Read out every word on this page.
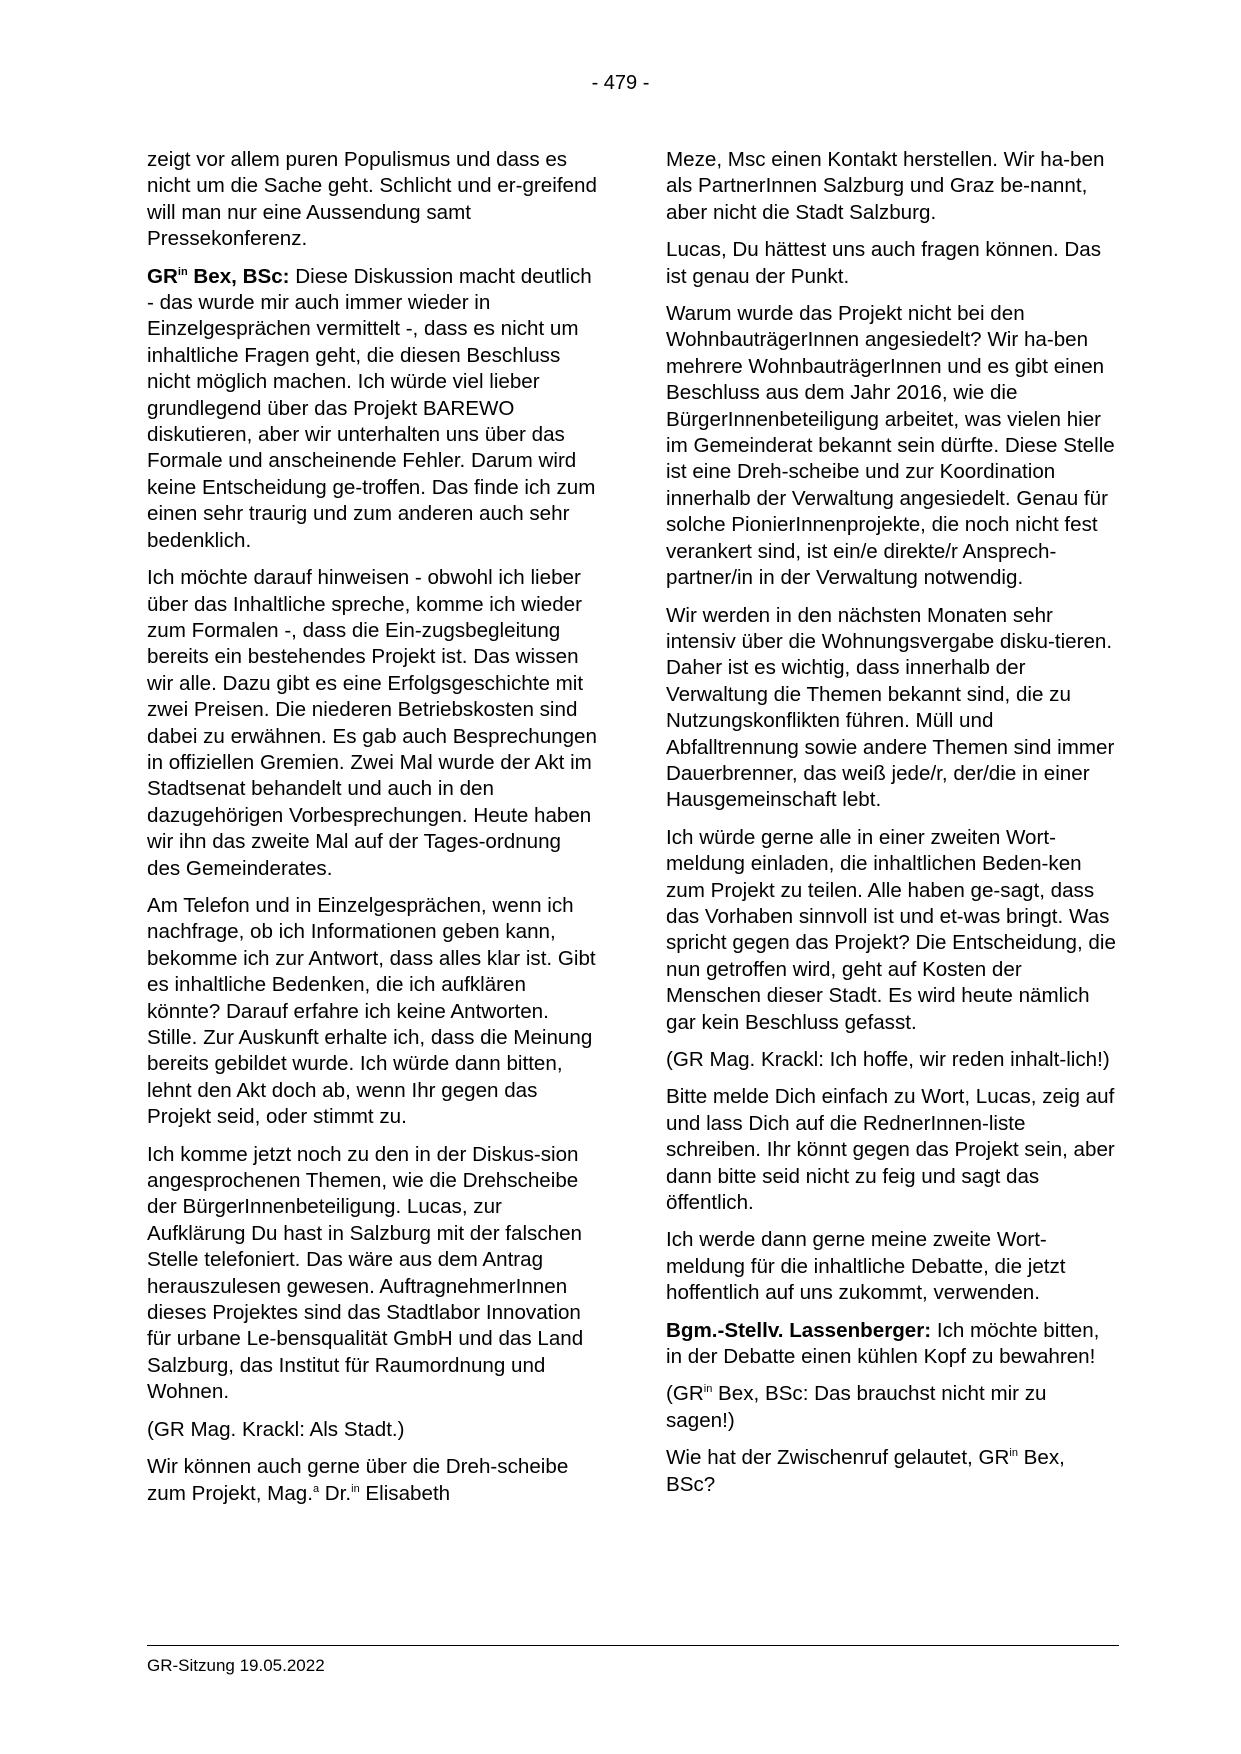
- 479 -

zeigt vor allem puren Populismus und dass es nicht um die Sache geht. Schlicht und er-greifend will man nur eine Aussendung samt Pressekonferenz.

$GR^{in}$ Bex, BSc: Diese Diskussion macht deutlich - das wurde mir auch immer wieder in Einzelgesprächen vermittelt -, dass es nicht um inhaltliche Fragen geht, die diesen Beschluss nicht möglich machen. Ich würde viel lieber grundlegend über das Projekt BAREWO diskutieren, aber wir unterhalten uns über das Formale und anscheinende Fehler. Darum wird keine Entscheidung ge-troffen. Das finde ich zum einen sehr traurig und zum anderen auch sehr bedenklich.

Ich möchte darauf hinweisen - obwohl ich lieber über das Inhaltliche spreche, komme ich wieder zum Formalen -, dass die Ein-zugsbegleitung bereits ein bestehendes Projekt ist. Das wissen wir alle. Dazu gibt es eine Erfolgsgeschichte mit zwei Preisen. Die niederen Betriebskosten sind dabei zu erwähnen. Es gab auch Besprechungen in offiziellen Gremien. Zwei Mal wurde der Akt im Stadtsenat behandelt und auch in den dazugehörigen Vorbesprechungen. Heute haben wir ihn das zweite Mal auf der Tages-ordnung des Gemeinderates.

Am Telefon und in Einzelgesprächen, wenn ich nachfrage, ob ich Informationen geben kann, bekomme ich zur Antwort, dass alles klar ist. Gibt es inhaltliche Bedenken, die ich aufklären könnte? Darauf erfahre ich keine Antworten. Stille. Zur Auskunft erhalte ich, dass die Meinung bereits gebildet wurde. Ich würde dann bitten, lehnt den Akt doch ab, wenn Ihr gegen das Projekt seid, oder stimmt zu.

Ich komme jetzt noch zu den in der Diskus-sion angesprochenen Themen, wie die Drehscheibe der BürgerInnenbeteiligung. Lucas, zur Aufklärung Du hast in Salzburg mit der falschen Stelle telefoniert. Das wäre aus dem Antrag herauszulesen gewesen. AuftragnehmerInnen dieses Projektes sind das Stadtlabor Innovation für urbane Le-bensqualität GmbH und das Land Salzburg, das Institut für Raumordnung und Wohnen.

(GR Mag. Krackl: Als Stadt.)

Wir können auch gerne über die Dreh-scheibe zum Projekt, Mag.$^a$ Dr.$^{in}$ Elisabeth

Meze, Msc einen Kontakt herstellen. Wir ha-ben als PartnerInnen Salzburg und Graz be-nannt, aber nicht die Stadt Salzburg.

Lucas, Du hättest uns auch fragen können. Das ist genau der Punkt.

Warum wurde das Projekt nicht bei den WohnbauträgerInnen angesiedelt? Wir ha-ben mehrere WohnbauträgerInnen und es gibt einen Beschluss aus dem Jahr 2016, wie die BürgerInnenbeteiligung arbeitet, was vielen hier im Gemeinderat bekannt sein dürfte. Diese Stelle ist eine Dreh-scheibe und zur Koordination innerhalb der Verwaltung angesiedelt. Genau für solche PionierInnenprojekte, die noch nicht fest verankert sind, ist ein/e direkte/r Ansprech-partner/in in der Verwaltung notwendig.

Wir werden in den nächsten Monaten sehr intensiv über die Wohnungsvergabe disku-tieren. Daher ist es wichtig, dass innerhalb der Verwaltung die Themen bekannt sind, die zu Nutzungskonflikten führen. Müll und Abfalltrennung sowie andere Themen sind immer Dauerbrenner, das weiß jede/r, der/die in einer Hausgemeinschaft lebt.

Ich würde gerne alle in einer zweiten Wort-meldung einladen, die inhaltlichen Beden-ken zum Projekt zu teilen. Alle haben ge-sagt, dass das Vorhaben sinnvoll ist und et-was bringt. Was spricht gegen das Projekt? Die Entscheidung, die nun getroffen wird, geht auf Kosten der Menschen dieser Stadt. Es wird heute nämlich gar kein Beschluss gefasst.

(GR Mag. Krackl: Ich hoffe, wir reden inhalt-lich!)

Bitte melde Dich einfach zu Wort, Lucas, zeig auf und lass Dich auf die RednerInnen-liste schreiben. Ihr könnt gegen das Projekt sein, aber dann bitte seid nicht zu feig und sagt das öffentlich.

Ich werde dann gerne meine zweite Wort-meldung für die inhaltliche Debatte, die jetzt hoffentlich auf uns zukommt, verwenden.

Bgm.-Stellv. Lassenberger: Ich möchte bitten, in der Debatte einen kühlen Kopf zu bewahren!

($GR^{in}$ Bex, BSc: Das brauchst nicht mir zu sagen!)

Wie hat der Zwischenruf gelautet, $GR^{in}$ Bex, BSc?

GR-Sitzung 19.05.2022
